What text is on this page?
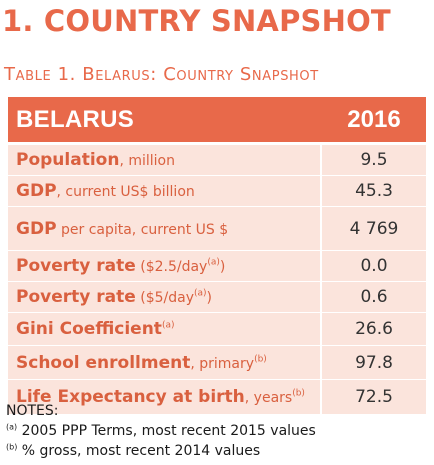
1. COUNTRY SNAPSHOT

Table 1. Belarus: Country Snapshot

BELARUS	2016
Population, million	9.5
GDP, current US$ billion	45.3
GDP per capita, current US $	4 769
Poverty rate ($2.5/day$^{(a)}$)	0.0
Poverty rate ($5/day$^{(a)}$)	0.6
Gini Coefficient$^{(a)}$	26.6
School enrollment, primary$^{(b)}$	97.8
Life Expectancy at birth, years$^{(b)}$	72.5
NOTES:
$^{(a)}$ 2005 PPP Terms, most recent 2015 values
$^{(b)}$ % gross, most recent 2014 values
